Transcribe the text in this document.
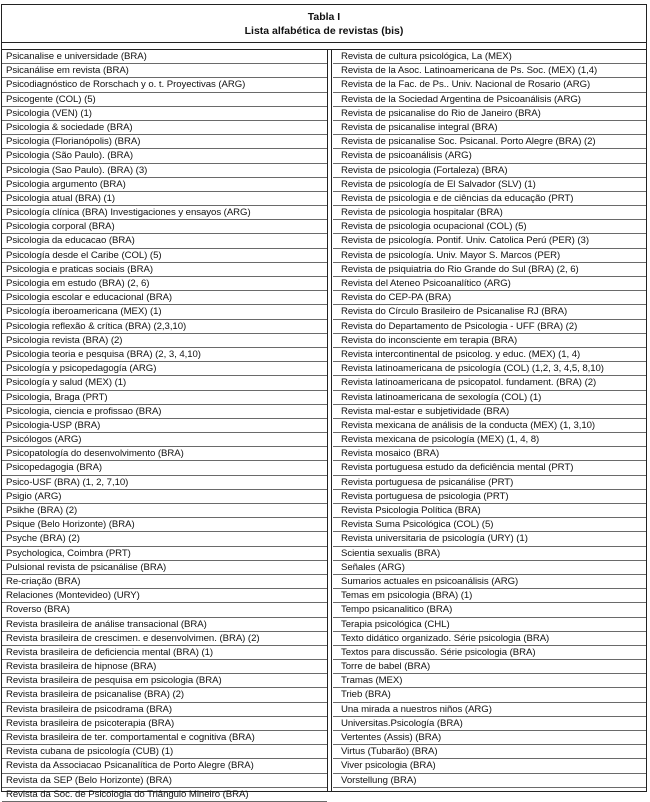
Tabla I
Lista alfabética de revistas (bis)
Psicanalise e universidade (BRA)
Psicanálise em revista (BRA)
Psicodiagnóstico de Rorschach y o. t. Proyectivas (ARG)
Psicogente (COL) (5)
Psicologia (VEN) (1)
Psicologia & sociedade (BRA)
Psicologia (Florianópolis) (BRA)
Psicologia (São Paulo). (BRA)
Psicologia (Sao Paulo). (BRA) (3)
Psicologia argumento (BRA)
Psicologia atual (BRA) (1)
Psicología clínica (BRA) Investigaciones y ensayos (ARG)
Psicologia corporal (BRA)
Psicologia da educacao (BRA)
Psicología desde el Caribe (COL) (5)
Psicologia e praticas sociais (BRA)
Psicologia em estudo (BRA) (2, 6)
Psicologia escolar e educacional (BRA)
Psicología iberoamericana (MEX) (1)
Psicologia reflexão & crítica (BRA) (2,3,10)
Psicologia revista (BRA) (2)
Psicologia teoria e pesquisa (BRA) (2, 3, 4,10)
Psicología y psicopedagogía (ARG)
Psicología y salud (MEX) (1)
Psicologia, Braga (PRT)
Psicologia, ciencia e profissao (BRA)
Psicologia-USP (BRA)
Psicólogos (ARG)
Psicopatología do desenvolvimento (BRA)
Psicopedagogia (BRA)
Psico-USF (BRA) (1, 2, 7,10)
Psigio (ARG)
Psikhe (BRA) (2)
Psique (Belo Horizonte) (BRA)
Psyche (BRA) (2)
Psychologica, Coimbra (PRT)
Pulsional revista de psicanálise (BRA)
Re-criação (BRA)
Relaciones (Montevideo) (URY)
Roverso (BRA)
Revista brasileira de análise transacional (BRA)
Revista brasileira de crescimen. e desenvolvimen. (BRA) (2)
Revista brasileira de deficiencia mental (BRA) (1)
Revista brasileira de hipnose (BRA)
Revista brasileira de pesquisa em psicologia (BRA)
Revista brasileira de psicanalise (BRA) (2)
Revista brasileira de psicodrama (BRA)
Revista brasileira de psicoterapia (BRA)
Revista brasileira de ter. comportamental e cognitiva (BRA)
Revista cubana de psicología (CUB) (1)
Revista da Associacao Psicanalítica de Porto Alegre (BRA)
Revista da SEP (Belo Horizonte) (BRA)
Revista da Soc. de Psicologia do Triângulo Mineiro (BRA)
Revista de cultura psicológica, La (MEX)
Revista de la Asoc. Latinoamericana de Ps. Soc. (MEX) (1,4)
Revista de la Fac. de Ps.. Univ. Nacional de Rosario (ARG)
Revista de la Sociedad Argentina de Psicoanálisis (ARG)
Revista de psicanalise do Rio de Janeiro (BRA)
Revista de psicanalise integral (BRA)
Revista de psicanalise Soc. Psicanal. Porto Alegre (BRA) (2)
Revista de psicoanálisis (ARG)
Revista de psicologia (Fortaleza) (BRA)
Revista de psicología de El Salvador (SLV) (1)
Revista de psicologia e de ciências da educação (PRT)
Revista de psicologia hospitalar (BRA)
Revista de psicologia ocupacional (COL) (5)
Revista de psicología. Pontif. Univ. Catolica Perú (PER) (3)
Revista de psicología. Univ. Mayor S. Marcos (PER)
Revista de psiquiatria do Rio Grande do Sul (BRA) (2, 6)
Revista del Ateneo Psicoanalítico (ARG)
Revista do CEP-PA (BRA)
Revista do Círculo Brasileiro de Psicanalise RJ (BRA)
Revista do Departamento de Psicologia - UFF (BRA) (2)
Revista do inconsciente em terapia (BRA)
Revista intercontinental de psicolog. y educ. (MEX) (1, 4)
Revista latinoamericana de psicología (COL) (1,2, 3, 4,5, 8,10)
Revista latinoamericana de psicopatol. fundament. (BRA) (2)
Revista latinoamericana de sexología (COL) (1)
Revista mal-estar e subjetividade (BRA)
Revista mexicana de análisis de la conducta (MEX) (1, 3,10)
Revista mexicana de psicología (MEX) (1, 4, 8)
Revista mosaico (BRA)
Revista portuguesa estudo da deficiência mental (PRT)
Revista portuguesa de psicanálise (PRT)
Revista portuguesa de psicologia (PRT)
Revista Psicologia Política (BRA)
Revista Suma Psicológica (COL) (5)
Revista universitaria de psicología (URY) (1)
Scientia sexualis (BRA)
Señales (ARG)
Sumarios actuales en psicoanálisis (ARG)
Temas em psicologia (BRA) (1)
Tempo psicanalitico (BRA)
Terapia psicológica (CHL)
Texto didático organizado. Série psicologia (BRA)
Textos para discussão. Série psicologia (BRA)
Torre de babel (BRA)
Tramas (MEX)
Trieb (BRA)
Una mirada a nuestros niños (ARG)
Universitas.Psicología (BRA)
Vertentes (Assis) (BRA)
Virtus (Tubarão) (BRA)
Viver psicologia (BRA)
Vorstellung (BRA)
